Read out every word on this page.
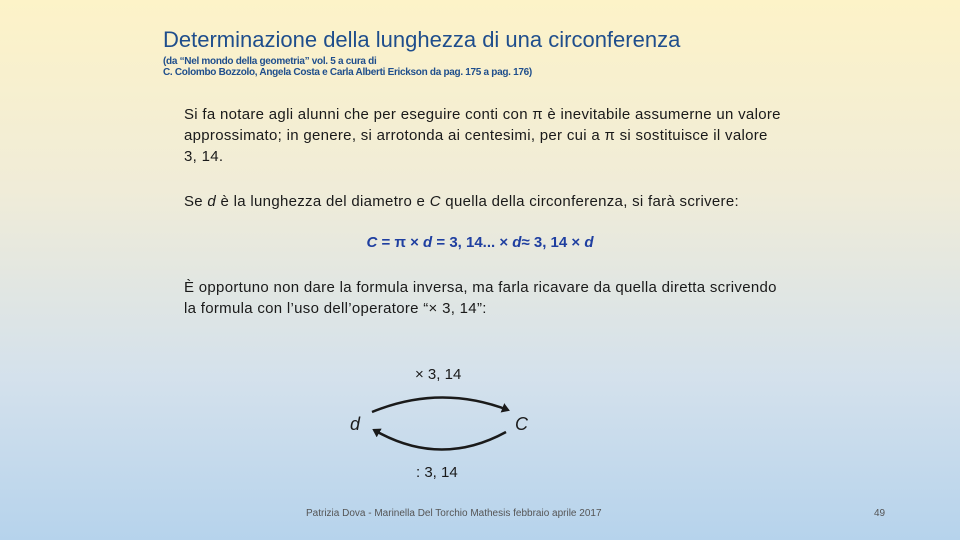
Determinazione della lunghezza di una circonferenza
(da “Nel mondo della geometria” vol. 5 a cura di
C. Colombo Bozzolo, Angela Costa e Carla Alberti Erickson da pag. 175 a pag. 176)
Si fa notare agli alunni che per eseguire conti con π è inevitabile assumerne un valore approssimato; in genere, si arrotonda ai centesimi, per cui a π si sostituisce il valore 3, 14.
Se d è la lunghezza del diametro e C quella della circonferenza, si farà scrivere:
C = π × d = 3, 14... × d≈ 3, 14 × d
È opportuno non dare la formula inversa, ma farla ricavare da quella diretta scrivendo la formula con l’uso dell’operatore “× 3, 14”:
× 3, 14
d	C
: 3, 14
Patrizia Dova - Marinella Del Torchio Mathesis febbraio aprile 2017	49
